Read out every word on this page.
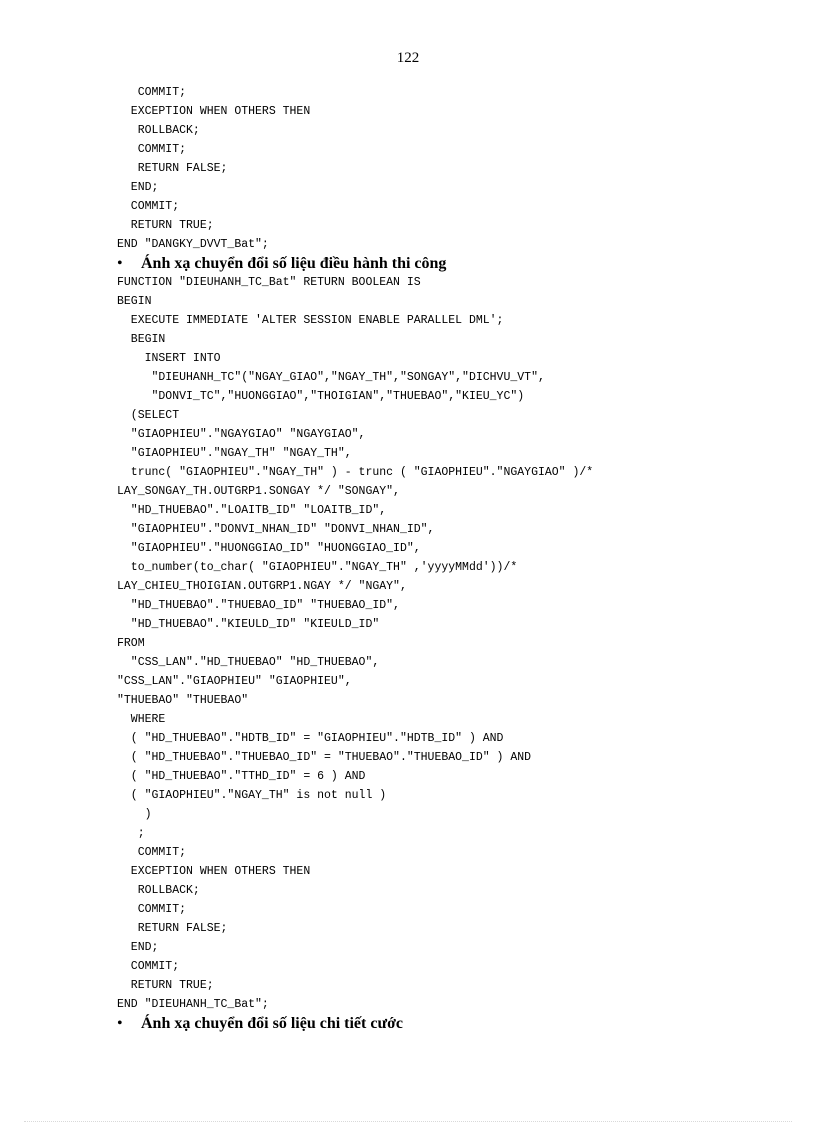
122
COMMIT;
EXCEPTION WHEN OTHERS THEN
ROLLBACK;
COMMIT;
RETURN FALSE;
END;
COMMIT;
RETURN TRUE;
END "DANGKY_DVVT_Bat";
• Ánh xạ chuyển đổi số liệu điều hành thi công
FUNCTION "DIEUHANH_TC_Bat" RETURN BOOLEAN IS
BEGIN
EXECUTE IMMEDIATE 'ALTER SESSION ENABLE PARALLEL DML';
BEGIN
INSERT INTO
"DIEUHANH_TC"("NGAY_GIAO","NGAY_TH","SONGAY","DICHVU_VT",
"DONVI_TC","HUONGGIAO","THOIGIAN","THUEBAO","KIEU_YC")
(SELECT
"GIAOPHIEU"."NGAYGIAO" "NGAYGIAO",
"GIAOPHIEU"."NGAY_TH" "NGAY_TH",
trunc( "GIAOPHIEU"."NGAY_TH" ) - trunc ( "GIAOPHIEU"."NGAYGIAO" )/*
LAY_SONGAY_TH.OUTGRP1.SONGAY */ "SONGAY",
"HD_THUEBAO"."LOAITB_ID" "LOAITB_ID",
"GIAOPHIEU"."DONVI_NHAN_ID" "DONVI_NHAN_ID",
"GIAOPHIEU"."HUONGGIAO_ID" "HUONGGIAO_ID",
to_number(to_char( "GIAOPHIEU"."NGAY_TH" ,'yyyyMMdd'))/*
LAY_CHIEU_THOIGIAN.OUTGRP1.NGAY */ "NGAY",
"HD_THUEBAO"."THUEBAO_ID" "THUEBAO_ID",
"HD_THUEBAO"."KIEULD_ID" "KIEULD_ID"
FROM
"CSS_LAN"."HD_THUEBAO" "HD_THUEBAO",
"CSS_LAN"."GIAOPHIEU" "GIAOPHIEU",
"THUEBAO" "THUEBAO"
WHERE
( "HD_THUEBAO"."HDTB_ID" = "GIAOPHIEU"."HDTB_ID" ) AND
( "HD_THUEBAO"."THUEBAO_ID" = "THUEBAO"."THUEBAO_ID" ) AND
( "HD_THUEBAO"."TTHD_ID" = 6 ) AND
( "GIAOPHIEU"."NGAY_TH" is not null )
)
;
COMMIT;
EXCEPTION WHEN OTHERS THEN
ROLLBACK;
COMMIT;
RETURN FALSE;
END;
COMMIT;
RETURN TRUE;
END "DIEUHANH_TC_Bat";
• Ánh xạ chuyển đổi số liệu chi tiết cước
